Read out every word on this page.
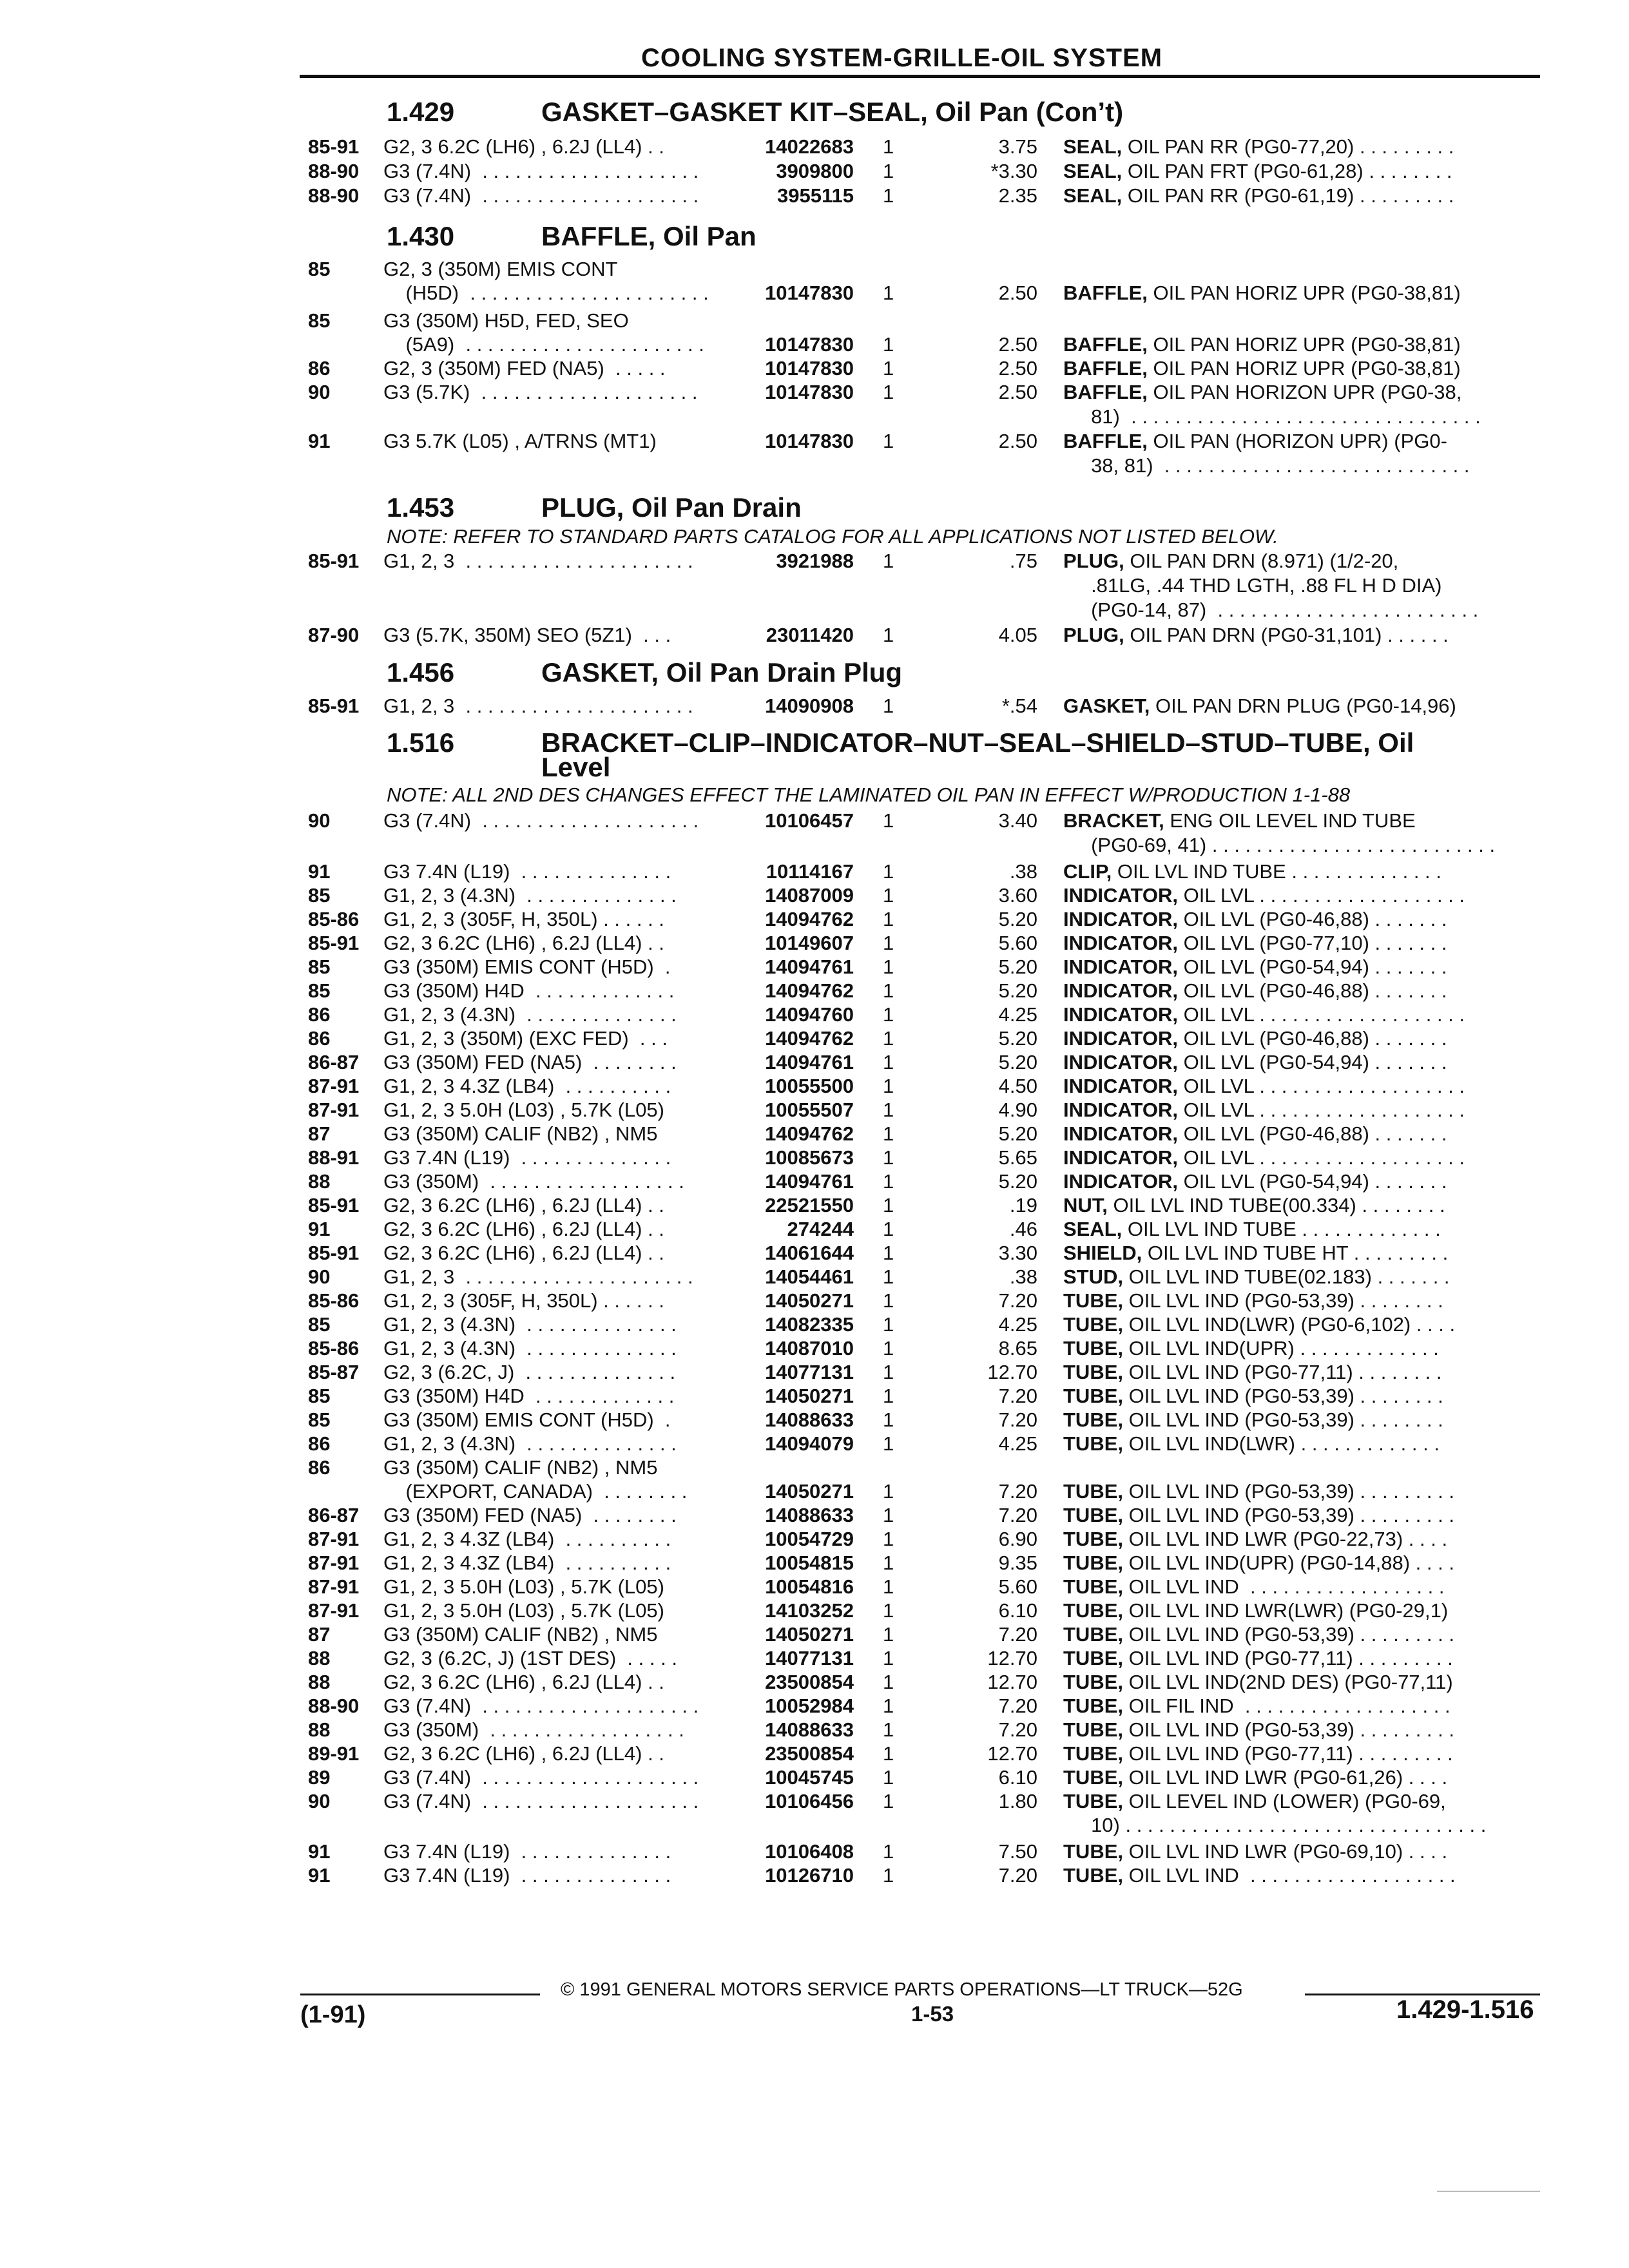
COOLING SYSTEM-GRILLE-OIL SYSTEM
1.429	GASKET–GASKET KIT–SEAL, Oil Pan (Con’t)
85-91 G2, 3 6.2C (LH6) , 6.2J (LL4) . .	14022683 1	3.75 SEAL, OIL PAN RR (PG0-77,20) . . . . . . . . .
88-90 G3 (7.4N)  . . . . . . . . . . . . . . . . . . . .	3909800 1	*3.30 SEAL, OIL PAN FRT (PG0-61,28) . . . . . . . .
88-90 G3 (7.4N)  . . . . . . . . . . . . . . . . . . . .	3955115 1	2.35 SEAL, OIL PAN RR (PG0-61,19) . . . . . . . . .
1.430	BAFFLE, Oil Pan
85	G2, 3 (350M) EMIS CONT
(H5D)  . . . . . . . . . . . . . . . . . . . . . .	10147830 1	2.50 BAFFLE, OIL PAN HORIZ UPR (PG0-38,81)
85	G3 (350M) H5D, FED, SEO
(5A9)  . . . . . . . . . . . . . . . . . . . . . .	10147830 1	2.50 BAFFLE, OIL PAN HORIZ UPR (PG0-38,81)
86	G2, 3 (350M) FED (NA5)  . . . . .	10147830 1	2.50 BAFFLE, OIL PAN HORIZ UPR (PG0-38,81)
90	G3 (5.7K)  . . . . . . . . . . . . . . . . . . . .	10147830 1	2.50 BAFFLE, OIL PAN HORIZON UPR (PG0-38,
81)  . . . . . . . . . . . . . . . . . . . . . . . . . . . . . . . .
91	G3 5.7K (L05) , A/TRNS (MT1)	10147830 1	2.50 BAFFLE, OIL PAN (HORIZON UPR) (PG0-
38, 81)  . . . . . . . . . . . . . . . . . . . . . . . . . . . .
1.453	PLUG, Oil Pan Drain
NOTE: REFER TO STANDARD PARTS CATALOG FOR ALL APPLICATIONS NOT LISTED BELOW.
85-91 G1, 2, 3  . . . . . . . . . . . . . . . . . . . . .	3921988 1	.75 PLUG, OIL PAN DRN (8.971) (1/2-20,
.81LG, .44 THD LGTH, .88 FL H D DIA)
(PG0-14, 87)  . . . . . . . . . . . . . . . . . . . . . . . .
87-90 G3 (5.7K, 350M) SEO (5Z1)  . . .	23011420 1	4.05 PLUG, OIL PAN DRN (PG0-31,101) . . . . . .
1.456	GASKET, Oil Pan Drain Plug
85-91 G1, 2, 3  . . . . . . . . . . . . . . . . . . . . .	14090908 1	*.54 GASKET, OIL PAN DRN PLUG (PG0-14,96)
1.516	BRACKET–CLIP–INDICATOR–NUT–SEAL–SHIELD–STUD–TUBE, Oil
Level
NOTE: ALL 2ND DES CHANGES EFFECT THE LAMINATED OIL PAN IN EFFECT W/PRODUCTION 1-1-88
90	G3 (7.4N)  . . . . . . . . . . . . . . . . . . . .	10106457 1	3.40 BRACKET, ENG OIL LEVEL IND TUBE
(PG0-69, 41) . . . . . . . . . . . . . . . . . . . . . . . . . .
91	G3 7.4N (L19)  . . . . . . . . . . . . . .	10114167 1	.38 CLIP, OIL LVL IND TUBE . . . . . . . . . . . . . .
85	G1, 2, 3 (4.3N)  . . . . . . . . . . . . . .	14087009 1	3.60 INDICATOR, OIL LVL . . . . . . . . . . . . . . . . . . .
85-86 G1, 2, 3 (305F, H, 350L) . . . . . .	14094762 1	5.20 INDICATOR, OIL LVL (PG0-46,88) . . . . . . .
85-91 G2, 3 6.2C (LH6) , 6.2J (LL4) . .	10149607 1	5.60 INDICATOR, OIL LVL (PG0-77,10) . . . . . . .
85	G3 (350M) EMIS CONT (H5D)  .	14094761 1	5.20 INDICATOR, OIL LVL (PG0-54,94) . . . . . . .
85	G3 (350M) H4D  . . . . . . . . . . . . .	14094762 1	5.20 INDICATOR, OIL LVL (PG0-46,88) . . . . . . .
86	G1, 2, 3 (4.3N)  . . . . . . . . . . . . . .	14094760 1	4.25 INDICATOR, OIL LVL . . . . . . . . . . . . . . . . . . .
86	G1, 2, 3 (350M) (EXC FED)  . . .	14094762 1	5.20 INDICATOR, OIL LVL (PG0-46,88) . . . . . . .
86-87 G3 (350M) FED (NA5)  . . . . . . . .	14094761 1	5.20 INDICATOR, OIL LVL (PG0-54,94) . . . . . . .
87-91 G1, 2, 3 4.3Z (LB4)  . . . . . . . . . .	10055500 1	4.50 INDICATOR, OIL LVL . . . . . . . . . . . . . . . . . . .
87-91 G1, 2, 3 5.0H (L03) , 5.7K (L05)	10055507 1	4.90 INDICATOR, OIL LVL . . . . . . . . . . . . . . . . . . .
87	G3 (350M) CALIF (NB2) , NM5	14094762 1	5.20 INDICATOR, OIL LVL (PG0-46,88) . . . . . . .
88-91 G3 7.4N (L19)  . . . . . . . . . . . . . .	10085673 1	5.65 INDICATOR, OIL LVL . . . . . . . . . . . . . . . . . . .
88	G3 (350M)  . . . . . . . . . . . . . . . . . .	14094761 1	5.20 INDICATOR, OIL LVL (PG0-54,94) . . . . . . .
85-91 G2, 3 6.2C (LH6) , 6.2J (LL4) . .	22521550 1	.19 NUT, OIL LVL IND TUBE(00.334) . . . . . . . .
91	G2, 3 6.2C (LH6) , 6.2J (LL4) . .	274244 1	.46 SEAL, OIL LVL IND TUBE . . . . . . . . . . . . .
85-91 G2, 3 6.2C (LH6) , 6.2J (LL4) . .	14061644 1	3.30 SHIELD, OIL LVL IND TUBE HT . . . . . . . . .
90	G1, 2, 3  . . . . . . . . . . . . . . . . . . . . .	14054461 1	.38 STUD, OIL LVL IND TUBE(02.183) . . . . . . .
85-86 G1, 2, 3 (305F, H, 350L) . . . . . .	14050271 1	7.20 TUBE, OIL LVL IND (PG0-53,39) . . . . . . . .
85	G1, 2, 3 (4.3N)  . . . . . . . . . . . . . .	14082335 1	4.25 TUBE, OIL LVL IND(LWR) (PG0-6,102) . . . .
85-86 G1, 2, 3 (4.3N)  . . . . . . . . . . . . . .	14087010 1	8.65 TUBE, OIL LVL IND(UPR) . . . . . . . . . . . . .
85-87 G2, 3 (6.2C, J)  . . . . . . . . . . . . . .	14077131 1	12.70 TUBE, OIL LVL IND (PG0-77,11) . . . . . . . .
85	G3 (350M) H4D  . . . . . . . . . . . . .	14050271 1	7.20 TUBE, OIL LVL IND (PG0-53,39) . . . . . . . .
85	G3 (350M) EMIS CONT (H5D)  .	14088633 1	7.20 TUBE, OIL LVL IND (PG0-53,39) . . . . . . . .
86	G1, 2, 3 (4.3N)  . . . . . . . . . . . . . .	14094079 1	4.25 TUBE, OIL LVL IND(LWR) . . . . . . . . . . . . .
86	G3 (350M) CALIF (NB2) , NM5
(EXPORT, CANADA)  . . . . . . . .	14050271 1	7.20 TUBE, OIL LVL IND (PG0-53,39) . . . . . . . . .
86-87 G3 (350M) FED (NA5)  . . . . . . . .	14088633 1	7.20 TUBE, OIL LVL IND (PG0-53,39) . . . . . . . . .
87-91 G1, 2, 3 4.3Z (LB4)  . . . . . . . . . .	10054729 1	6.90 TUBE, OIL LVL IND LWR (PG0-22,73) . . . .
87-91 G1, 2, 3 4.3Z (LB4)  . . . . . . . . . .	10054815 1	9.35 TUBE, OIL LVL IND(UPR) (PG0-14,88) . . . .
87-91 G1, 2, 3 5.0H (L03) , 5.7K (L05)	10054816 1	5.60 TUBE, OIL LVL IND  . . . . . . . . . . . . . . . . . .
87-91 G1, 2, 3 5.0H (L03) , 5.7K (L05)	14103252 1	6.10 TUBE, OIL LVL IND LWR(LWR) (PG0-29,1)
87	G3 (350M) CALIF (NB2) , NM5	14050271 1	7.20 TUBE, OIL LVL IND (PG0-53,39) . . . . . . . . .
88	G2, 3 (6.2C, J) (1ST DES)  . . . . .	14077131 1	12.70 TUBE, OIL LVL IND (PG0-77,11) . . . . . . . . .
88	G2, 3 6.2C (LH6) , 6.2J (LL4) . .	23500854 1	12.70 TUBE, OIL LVL IND(2ND DES) (PG0-77,11)
88-90 G3 (7.4N)  . . . . . . . . . . . . . . . . . . . .	10052984 1	7.20 TUBE, OIL FIL IND  . . . . . . . . . . . . . . . . . . .
88	G3 (350M)  . . . . . . . . . . . . . . . . . .	14088633 1	7.20 TUBE, OIL LVL IND (PG0-53,39) . . . . . . . . .
89-91 G2, 3 6.2C (LH6) , 6.2J (LL4) . .	23500854 1	12.70 TUBE, OIL LVL IND (PG0-77,11) . . . . . . . . .
89	G3 (7.4N)  . . . . . . . . . . . . . . . . . . . .	10045745 1	6.10 TUBE, OIL LVL IND LWR (PG0-61,26) . . . .
90	G3 (7.4N)  . . . . . . . . . . . . . . . . . . . .	10106456 1	1.80 TUBE, OIL LEVEL IND (LOWER) (PG0-69,
10) . . . . . . . . . . . . . . . . . . . . . . . . . . . . . . . . .
91	G3 7.4N (L19)  . . . . . . . . . . . . . .	10106408 1	7.50 TUBE, OIL LVL IND LWR (PG0-69,10) . . . .
91	G3 7.4N (L19)  . . . . . . . . . . . . . .	10126710 1	7.20 TUBE, OIL LVL IND  . . . . . . . . . . . . . . . . . . .
© 1991 GENERAL MOTORS SERVICE PARTS OPERATIONS—LT TRUCK—52G
(1-91)	1-53	1.429-1.516
